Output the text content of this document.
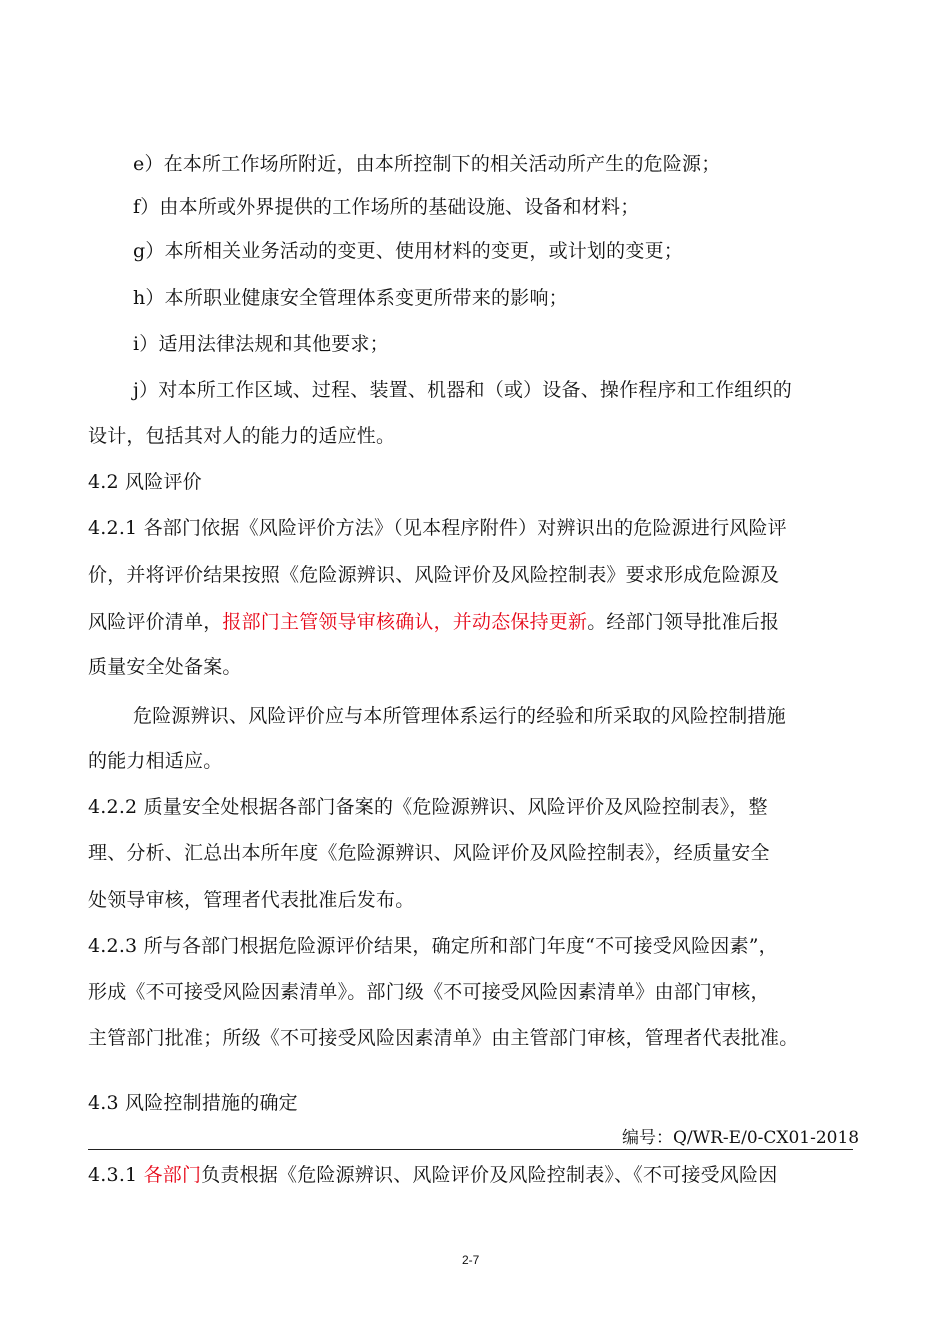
e）在本所工作场所附近，由本所控制下的相关活动所产生的危险源；
f）由本所或外界提供的工作场所的基础设施、设备和材料；
g）本所相关业务活动的变更、使用材料的变更，或计划的变更；
h）本所职业健康安全管理体系变更所带来的影响；
i）适用法律法规和其他要求；
j）对本所工作区域、过程、装置、机器和（或）设备、操作程序和工作组织的
设计，包括其对人的能力的适应性。
4.2 风险评价
4.2.1 各部门依据《风险评价方法》（见本程序附件）对辨识出的危险源进行风险评
价，并将评价结果按照《危险源辨识、风险评价及风险控制表》要求形成危险源及
风险评价清单，报部门主管领导审核确认，并动态保持更新。经部门领导批准后报
质量安全处备案。
危险源辨识、风险评价应与本所管理体系运行的经验和所采取的风险控制措施
的能力相适应。
4.2.2 质量安全处根据各部门备案的《危险源辨识、风险评价及风险控制表》，整
理、分析、汇总出本所年度《危险源辨识、风险评价及风险控制表》，经质量安全
处领导审核，管理者代表批准后发布。
4.2.3 所与各部门根据危险源评价结果，确定所和部门年度“不可接受风险因素”，
形成《不可接受风险因素清单》。部门级《不可接受风险因素清单》由部门审核，
主管部门批准；所级《不可接受风险因素清单》由主管部门审核，管理者代表批准。
4.3 风险控制措施的确定
编号：Q/WR-E/0-CX01-2018
4.3.1 各部门负责根据《危险源辨识、风险评价及风险控制表》、《不可接受风险因
2-7
